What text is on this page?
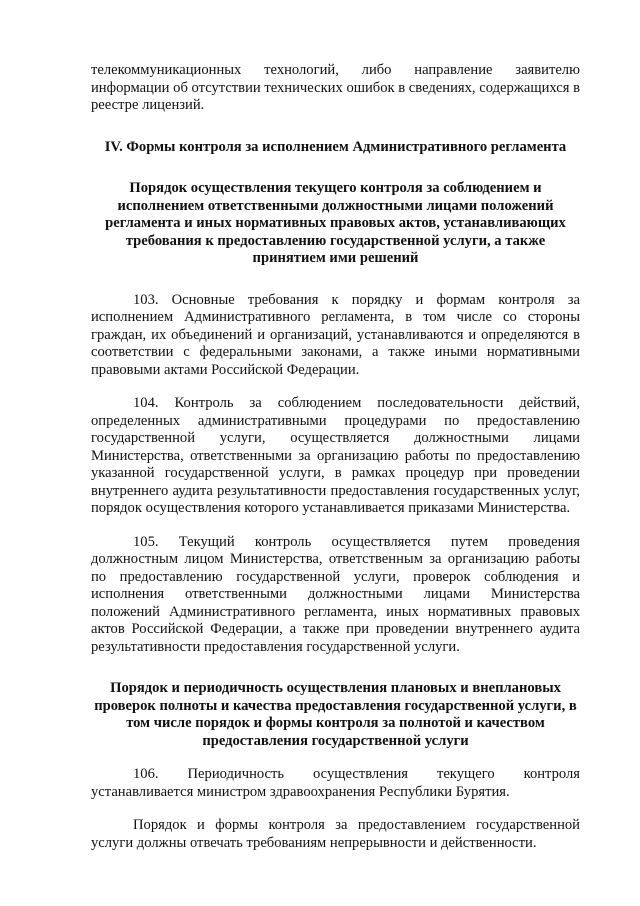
телекоммуникационных технологий, либо направление заявителю информации об отсутствии технических ошибок в сведениях, содержащихся в реестре лицензий.

IV. Формы контроля за исполнением Административного регламента

Порядок осуществления текущего контроля за соблюдением и исполнением ответственными должностными лицами положений регламента и иных нормативных правовых актов, устанавливающих требования к предоставлению государственной услуги, а также принятием ими решений

103. Основные требования к порядку и формам контроля за исполнением Административного регламента, в том числе со стороны граждан, их объединений и организаций, устанавливаются и определяются в соответствии с федеральными законами, а также иными нормативными правовыми актами Российской Федерации.

104. Контроль за соблюдением последовательности действий, определенных административными процедурами по предоставлению государственной услуги, осуществляется должностными лицами Министерства, ответственными за организацию работы по предоставлению указанной государственной услуги, в рамках процедур при проведении внутреннего аудита результативности предоставления государственных услуг, порядок осуществления которого устанавливается приказами Министерства.

105. Текущий контроль осуществляется путем проведения должностным лицом Министерства, ответственным за организацию работы по предоставлению государственной услуги, проверок соблюдения и исполнения ответственными должностными лицами Министерства положений Административного регламента, иных нормативных правовых актов Российской Федерации, а также при проведении внутреннего аудита результативности предоставления государственной услуги.

Порядок и периодичность осуществления плановых и внеплановых проверок полноты и качества предоставления государственной услуги, в том числе порядок и формы контроля за полнотой и качеством предоставления государственной услуги

106. Периодичность осуществления текущего контроля устанавливается министром здравоохранения Республики Бурятия.

Порядок и формы контроля за предоставлением государственной услуги должны отвечать требованиям непрерывности и действенности.
